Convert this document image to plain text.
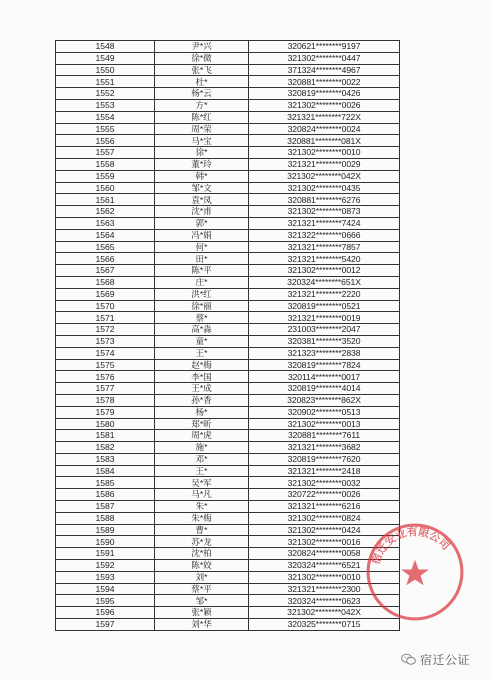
1548	尹*兴	320621********9197
1549	徐*微	321302********0447
1550	张*飞	371324********4967
1551	杜*	320881********0022
1552	杨*云	320819********0426
1553	方*	321302********0026
1554	陈*红	321321********722X
1555	周*荣	320824********0024
1556	马*宝	320881********081X
1557	徐*	321302********0010
1558	董*玲	321321********0029
1559	韩*	321302********042X
1560	邹*文	321302********0435
1561	袁*凤	320881********6276
1562	沈*甫	321302********0873
1563	郭*	321321********7424
1564	冯*娟	321322********0666
1565	何*	321321********7857
1566	田*	321321********5420
1567	陈*平	321302********0012
1568	庄*	320324********651X
1569	洪*红	321321********2220
1570	徐*丽	320819********0521
1571	蔡*	321321********0019
1572	高*淼	231003********2047
1573	童*	320381********3520
1574	王*	321323********2838
1575	赵*梅	320819********7824
1576	李*国	320114********0017
1577	王*成	320819********4014
1578	孙*香	320823********862X
1579	杨*	320902********0513
1580	郑*昕	321302********0013
1581	周*虎	320881********7611
1582	施*	321321********3682
1583	邓*	320819********7620
1584	王*	321321********2418
1585	吴*军	321302********0032
1586	马*凡	320722********0026
1587	朱*	321321********6216
1588	朱*梅	321302********0824
1589	曹*	321302********0424
1590	苏*龙	321302********0016
1591	沈*柏	320824********0058
1592	陈*姣	320324********6521
1593	刘*	321302********0010
1594	蔡*平	321321********2300
1595	邹*	320324********0623
1596	张*颖	321302********042X
1597	刘*华	320325********0715
宿迁安业有限公司
宿迁公证
